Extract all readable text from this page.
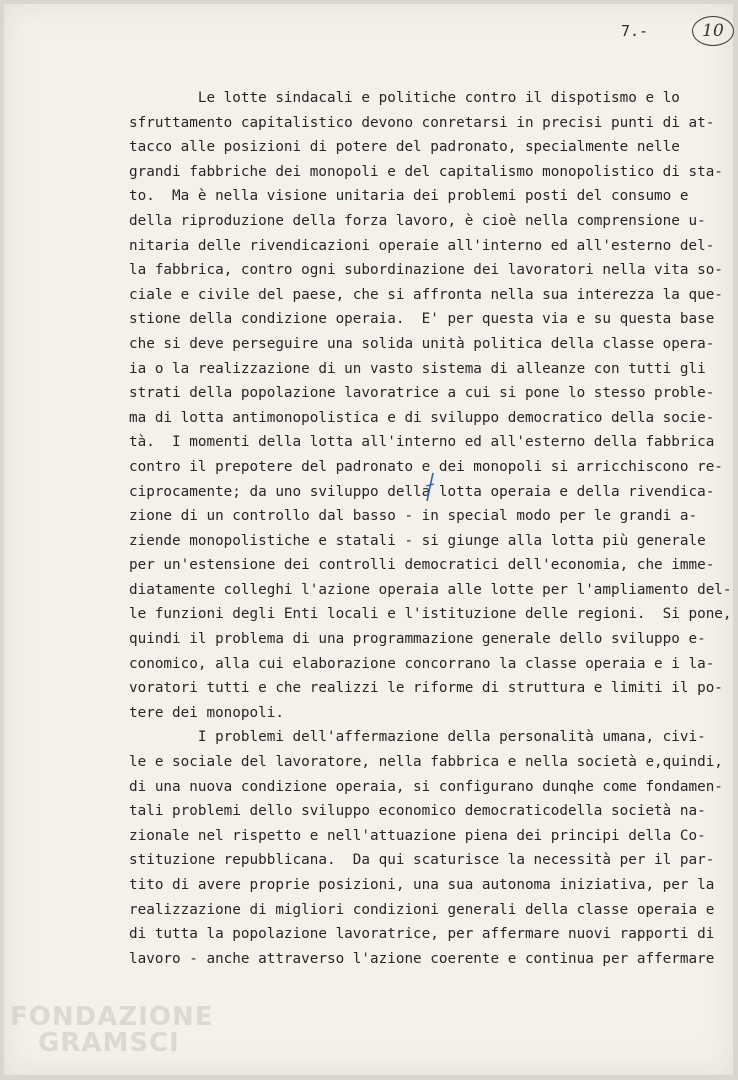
7.-	10
Le lotte sindacali e politiche contro il dispotismo e lo
sfruttamento capitalistico devono conretarsi in precisi punti di at-
tacco alle posizioni di potere del padronato, specialmente nelle
grandi fabbriche dei monopoli e del capitalismo monopolistico di sta-
to.  Ma è nella visione unitaria dei problemi posti del consumo e
della riproduzione della forza lavoro, è cioè nella comprensione u-
nitaria delle rivendicazioni operaie all'interno ed all'esterno del-
la fabbrica, contro ogni subordinazione dei lavoratori nella vita so-
ciale e civile del paese, che si affronta nella sua interezza la que-
stione della condizione operaia.  E' per questa via e su questa base
che si deve perseguire una solida unità politica della classe opera-
ia o la realizzazione di un vasto sistema di alleanze con tutti gli
strati della popolazione lavoratrice a cui si pone lo stesso proble-
ma di lotta antimonopolistica e di sviluppo democratico della socie-
tà.  I momenti della lotta all'interno ed all'esterno della fabbrica
contro il prepotere del padronato e dei monopoli si arricchiscono re-
ciprocamente; da uno sviluppo della lotta operaia e della rivendica-
zione di un controllo dal basso - in special modo per le grandi a-
ziende monopolistiche e statali - si giunge alla lotta più generale
per un'estensione dei controlli democratici dell'economia, che imme-
diatamente colleghi l'azione operaia alle lotte per l'ampliamento del-
le funzioni degli Enti locali e l'istituzione delle regioni.  Si pone,
quindi il problema di una programmazione generale dello sviluppo e-
conomico, alla cui elaborazione concorrano la classe operaia e i la-
voratori tutti e che realizzi le riforme di struttura e limiti il po-
tere dei monopoli.
I problemi dell'affermazione della personalità umana, civi-
le e sociale del lavoratore, nella fabbrica e nella società e,quindi,
di una nuova condizione operaia, si configurano dunqhe come fondamen-
tali problemi dello sviluppo economico democraticodella società na-
zionale nel rispetto e nell'attuazione piena dei principi della Co-
stituzione repubblicana.  Da qui scaturisce la necessità per il par-
tito di avere proprie posizioni, una sua autonoma iniziativa, per la
realizzazione di migliori condizioni generali della classe operaia e
di tutta la popolazione lavoratrice, per affermare nuovi rapporti di
lavoro - anche attraverso l'azione coerente e continua per affermare
FONDAZIONE
GRAMSCI
